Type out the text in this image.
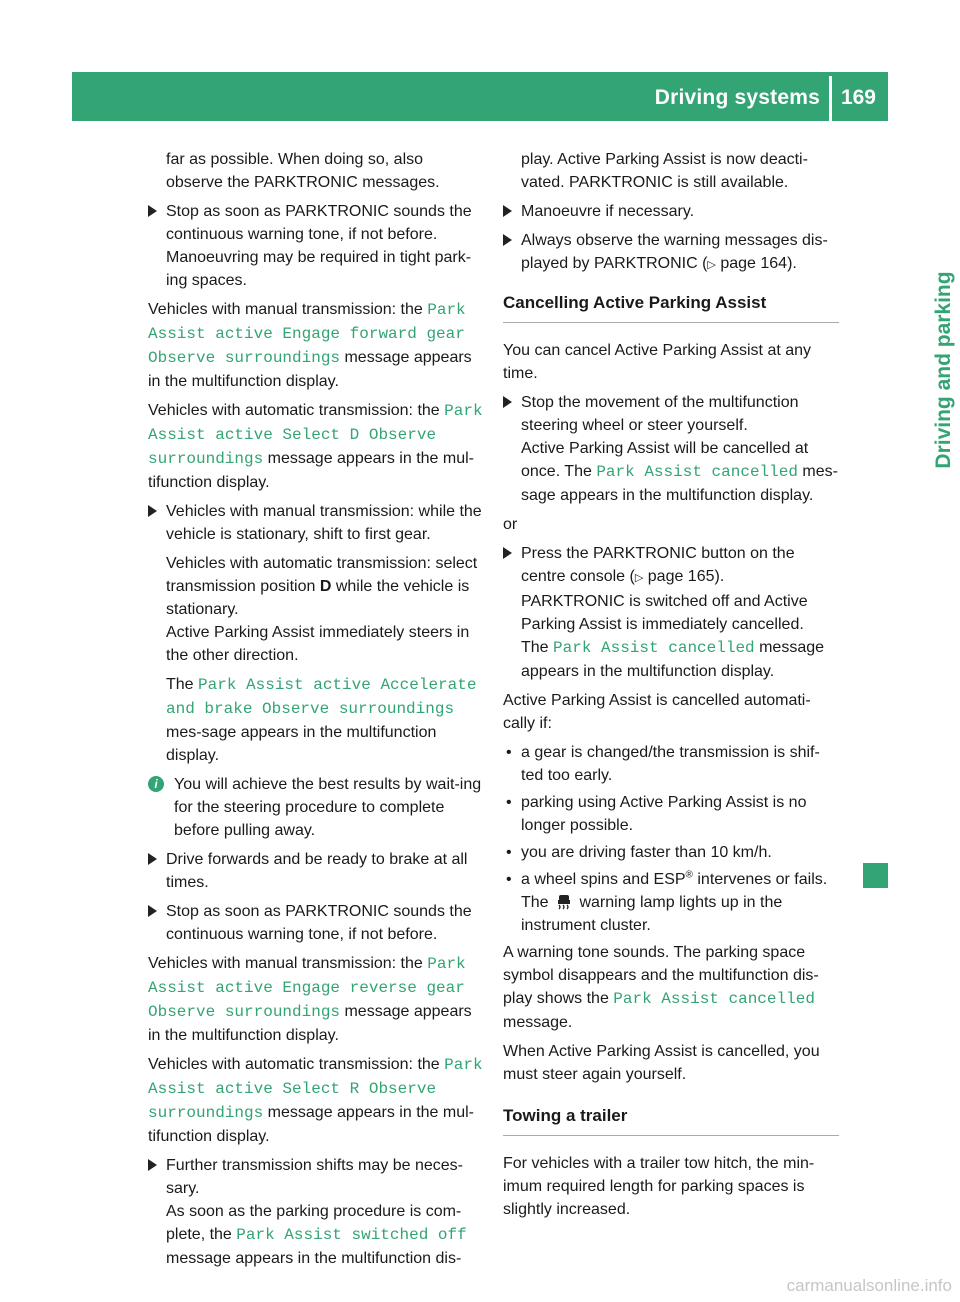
Driving systems 169
Driving and parking

far as possible. When doing so, also observe the PARKTRONIC messages.

Stop as soon as PARKTRONIC sounds the continuous warning tone, if not before.
Manoeuvring may be required in tight park-ing spaces.

Vehicles with manual transmission: the Park Assist active Engage forward gear Observe surroundings message appears in the multifunction display.

Vehicles with automatic transmission: the Park Assist active Select D Observe surroundings message appears in the mul-tifunction display.

Vehicles with manual transmission: while the vehicle is stationary, shift to first gear.
Vehicles with automatic transmission: select transmission position D while the vehicle is stationary.
Active Parking Assist immediately steers in the other direction.
The Park Assist active Accelerate and brake Observe surroundings mes-sage appears in the multifunction display.
i	You will achieve the best results by wait-ing for the steering procedure to complete before pulling away.
Drive forwards and be ready to brake at all times.
Stop as soon as PARKTRONIC sounds the continuous warning tone, if not before.

Vehicles with manual transmission: the Park Assist active Engage reverse gear Observe surroundings message appears in the multifunction display.

Vehicles with automatic transmission: the Park Assist active Select R Observe surroundings message appears in the mul-tifunction display.

Further transmission shifts may be neces-sary.
As soon as the parking procedure is com-plete, the Park Assist switched off message appears in the multifunction dis-

play. Active Parking Assist is now deacti-vated. PARKTRONIC is still available.

Manoeuvre if necessary.
Always observe the warning messages dis-played by PARKTRONIC (▷ page 164).
Cancelling Active Parking Assist

You can cancel Active Parking Assist at any time.

Stop the movement of the multifunction steering wheel or steer yourself.
Active Parking Assist will be cancelled at once. The Park Assist cancelled mes-sage appears in the multifunction display.

or

Press the PARKTRONIC button on the centre console (▷ page 165).
PARKTRONIC is switched off and Active Parking Assist is immediately cancelled.
The Park Assist cancelled message appears in the multifunction display.

Active Parking Assist is cancelled automati-cally if:

• a gear is changed/the transmission is shif-ted too early.
• parking using Active Parking Assist is no longer possible.
• you are driving faster than 10 km/h.
• a wheel spins and ESP® intervenes or fails.
The  warning lamp lights up in the instrument cluster.

A warning tone sounds. The parking space symbol disappears and the multifunction dis-play shows the Park Assist cancelled message.

When Active Parking Assist is cancelled, you must steer again yourself.

Towing a trailer

For vehicles with a trailer tow hitch, the min-imum required length for parking spaces is slightly increased.

carmanualsonline.info
